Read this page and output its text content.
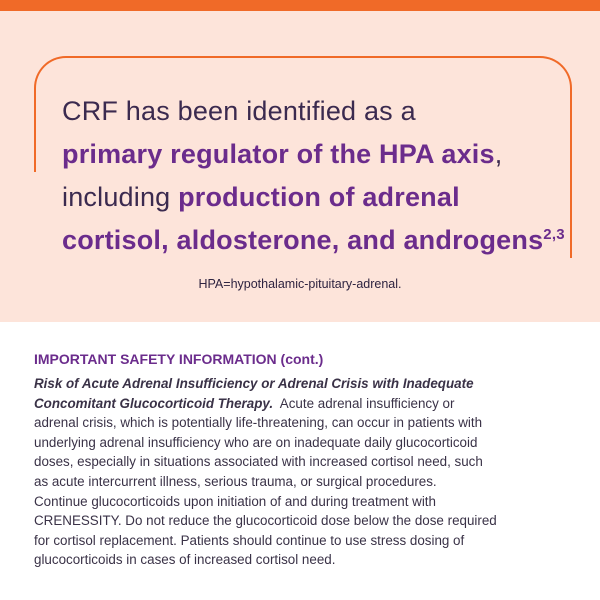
CRF has been identified as a
primary regulator of the HPA axis,
including production of adrenal
cortisol, aldosterone, and androgens$^{2,3}$
HPA=hypothalamic-pituitary-adrenal.
IMPORTANT SAFETY INFORMATION (cont.)
Risk of Acute Adrenal Insufficiency or Adrenal Crisis with Inadequate
Concomitant Glucocorticoid Therapy.  Acute adrenal insufficiency or
adrenal crisis, which is potentially life-threatening, can occur in patients with
underlying adrenal insufficiency who are on inadequate daily glucocorticoid
doses, especially in situations associated with increased cortisol need, such
as acute intercurrent illness, serious trauma, or surgical procedures.
Continue glucocorticoids upon initiation of and during treatment with
CRENESSITY. Do not reduce the glucocorticoid dose below the dose required
for cortisol replacement. Patients should continue to use stress dosing of
glucocorticoids in cases of increased cortisol need.
